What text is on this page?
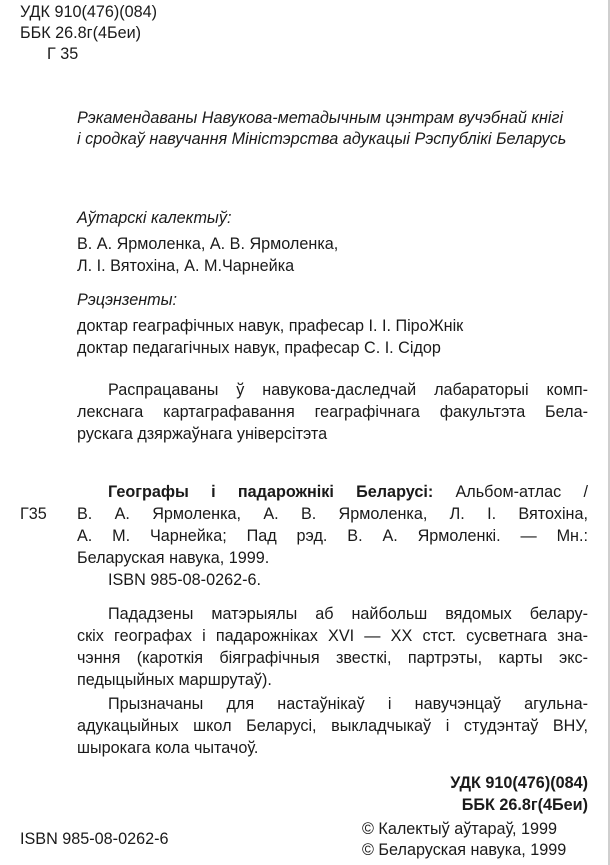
УДК 910(476)(084)
ББК 26.8г(4Беи)
Г 35
Рэкамендаваны Навукова-метадычным цэнтрам вучэбнай кнігі
і сродкаў навучання Міністэрства адукацыі Рэспублікі Беларусь
Аўтарскі калектыў:
В. А. Ярмоленка, А. В. Ярмоленка,
Л. І. Вятохіна, А. М.Чарнейка
Рэцэнзенты:
доктар геаграфічных навук, прафесар І. І. ПіроЖнік
доктар педагагічных навук, прафесар С. І. Сідор
Распрацаваны ў навукова-даследчай лабараторыі комп-
лекснага картаграфавання геаграфічнага факультэта Белa-
рускага дзяржаўнага універсітэта
Г35
Географы і падарожнікі Беларусі: Альбом-атлас /
В. А. Ярмоленка, А. В. Ярмоленка, Л. І. Вятохіна,
А. М. Чарнейка; Пад рэд. В. А. Ярмоленкі. — Мн.:
Беларуская навука, 1999.
ISBN 985-08-0262-6.
Пададзены матэрыялы аб найбольш вядомых белару-
скіх географах і падарожніках XVI — XX стст. сусветнага зна-
чэння (кароткія біяграфічныя звесткі, партрэты, карты экс-
педыцыйных маршрутаў).
Прызначаны для настаўнікаў і навучэнцаў агульна-
адукацыйных школ Беларусі, выкладчыкаў і студэнтаў ВНУ,
шырокага кола чытачоў.
УДК 910(476)(084)
ББК 26.8г(4Беи)
ISBN 985-08-0262-6
© Калектыў аўтараў, 1999
© Беларуская навука, 1999
